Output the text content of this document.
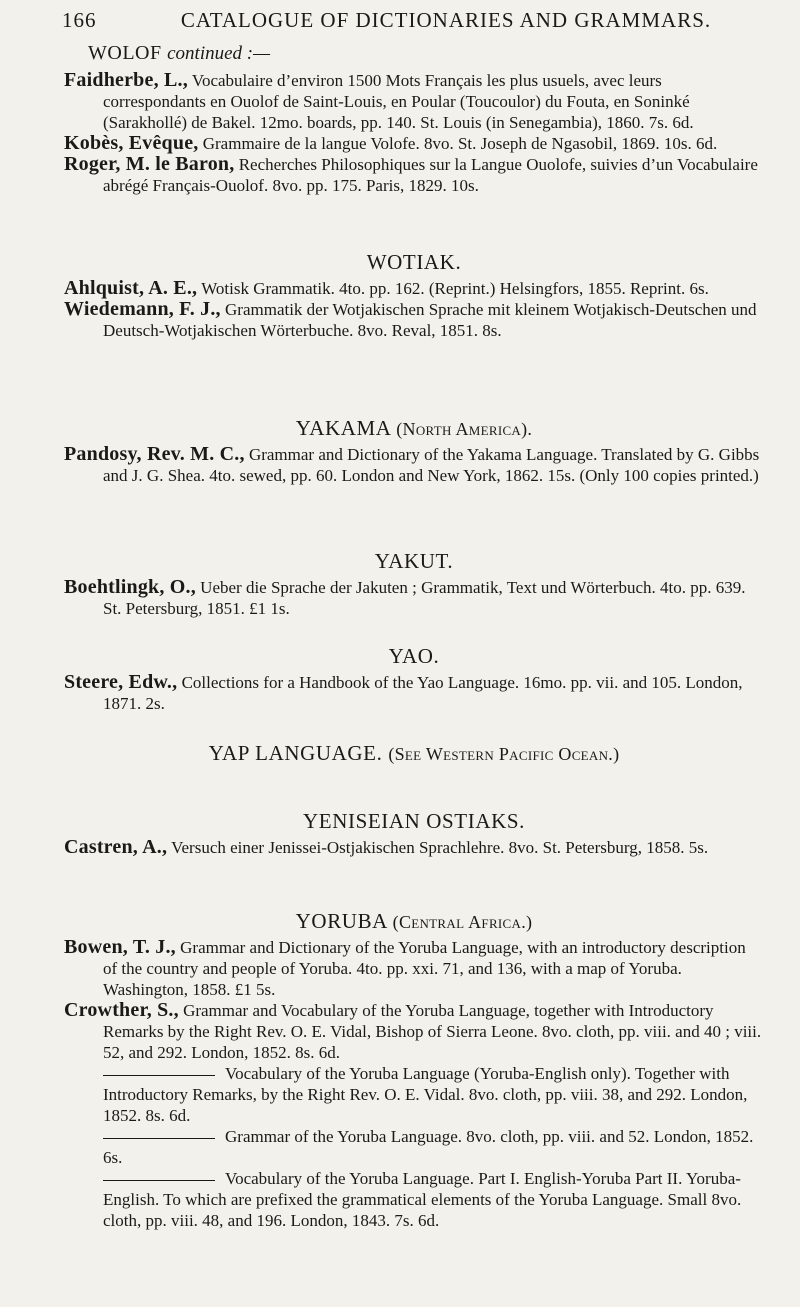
166	CATALOGUE OF DICTIONARIES AND GRAMMARS.
WOLOF continued :—

Faidherbe, L., Vocabulaire d’environ 1500 Mots Français les plus usuels, avec leurs correspondants en Ouolof de Saint-Louis, en Poular (Toucoulor) du Fouta, en Soninké (Sarakhollé) de Bakel. 12mo. boards, pp. 140. St. Louis (in Senegambia), 1860. 7s. 6d.

Kobès, Evêque, Grammaire de la langue Volofe. 8vo. St. Joseph de Ngasobil, 1869. 10s. 6d.

Roger, M. le Baron, Recherches Philosophiques sur la Langue Ouolofe, suivies d’un Vocabulaire abrégé Français-Ouolof. 8vo. pp. 175. Paris, 1829. 10s.

WOTIAK.

Ahlquist, A. E., Wotisk Grammatik. 4to. pp. 162. (Reprint.) Helsingfors, 1855. Reprint. 6s.

Wiedemann, F. J., Grammatik der Wotjakischen Sprache mit kleinem Wotjakisch-Deutschen und Deutsch-Wotjakischen Wörterbuche. 8vo. Reval, 1851. 8s.

YAKAMA (North America).

Pandosy, Rev. M. C., Grammar and Dictionary of the Yakama Language. Translated by G. Gibbs and J. G. Shea. 4to. sewed, pp. 60. London and New York, 1862. 15s. (Only 100 copies printed.)

YAKUT.

Boehtlingk, O., Ueber die Sprache der Jakuten ; Grammatik, Text und Wörterbuch. 4to. pp. 639. St. Petersburg, 1851. £1 1s.

YAO.

Steere, Edw., Collections for a Handbook of the Yao Language. 16mo. pp. vii. and 105. London, 1871. 2s.

YAP LANGUAGE. (See Western Pacific Ocean.)

YENISEIAN OSTIAKS.

Castren, A., Versuch einer Jenissei-Ostjakischen Sprachlehre. 8vo. St. Petersburg, 1858. 5s.

YORUBA (Central Africa.)

Bowen, T. J., Grammar and Dictionary of the Yoruba Language, with an introductory description of the country and people of Yoruba. 4to. pp. xxi. 71, and 136, with a map of Yoruba. Washington, 1858. £1 5s.

Crowther, S., Grammar and Vocabulary of the Yoruba Language, together with Introductory Remarks by the Right Rev. O. E. Vidal, Bishop of Sierra Leone. 8vo. cloth, pp. viii. and 40 ; viii. 52, and 292. London, 1852. 8s. 6d.

Vocabulary of the Yoruba Language (Yoruba-English only). Together with Introductory Remarks, by the Right Rev. O. E. Vidal. 8vo. cloth, pp. viii. 38, and 292. London, 1852. 8s. 6d.

Grammar of the Yoruba Language. 8vo. cloth, pp. viii. and 52. London, 1852. 6s.

Vocabulary of the Yoruba Language. Part I. English-Yoruba Part II. Yoruba-English. To which are prefixed the grammatical elements of the Yoruba Language. Small 8vo. cloth, pp. viii. 48, and 196. London, 1843. 7s. 6d.
